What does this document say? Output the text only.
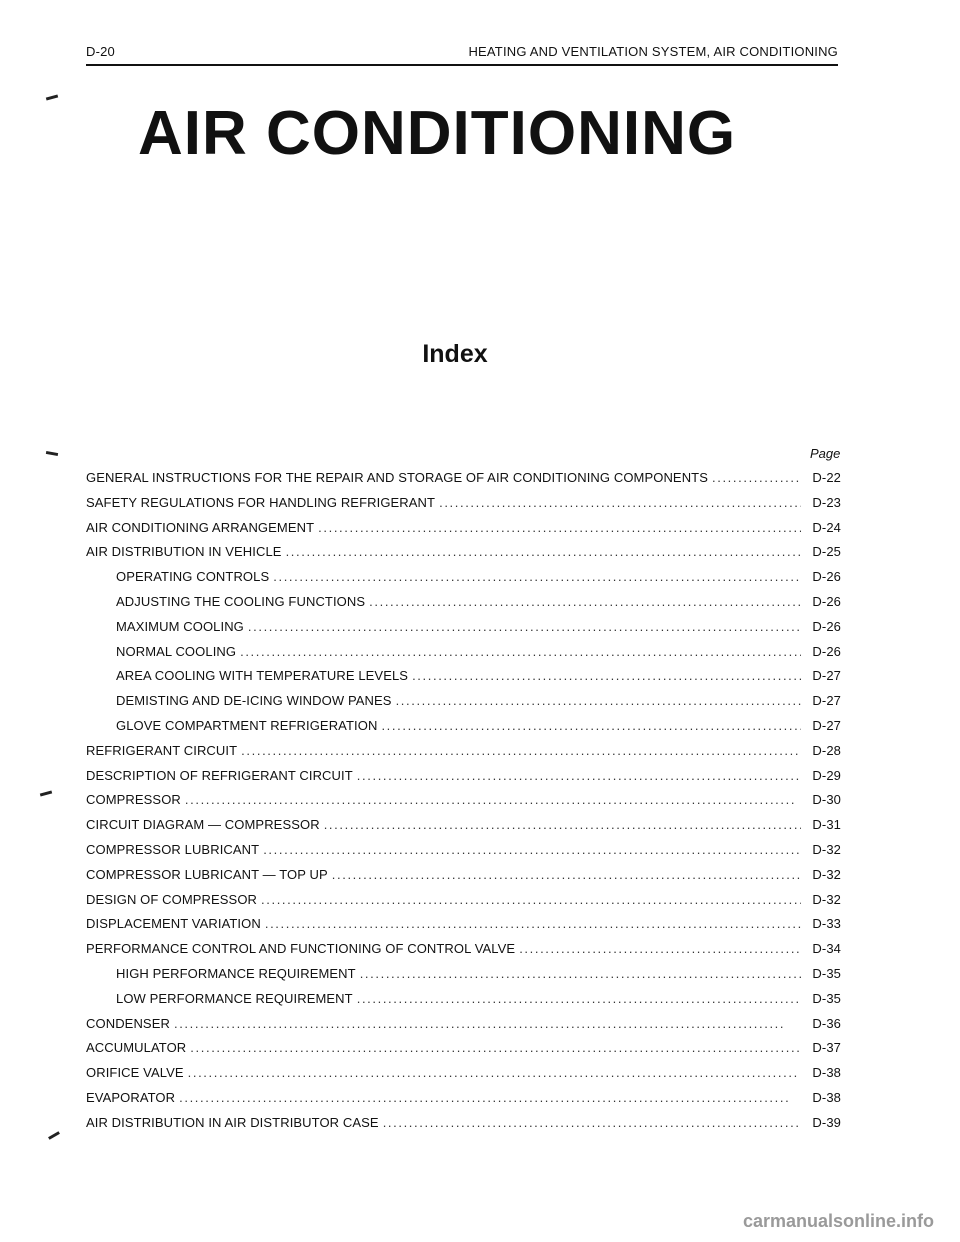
D-20	HEATING AND VENTILATION SYSTEM, AIR CONDITIONING
AIR CONDITIONING
Index
Page
GENERAL INSTRUCTIONS FOR THE REPAIR AND STORAGE OF AIR CONDITIONING COMPONENTS . . .	D-22
SAFETY REGULATIONS FOR HANDLING REFRIGERANT . . .	D-23
AIR CONDITIONING ARRANGEMENT . . .	D-24
AIR DISTRIBUTION IN VEHICLE . . .	D-25
OPERATING CONTROLS . . .	D-26
ADJUSTING THE COOLING FUNCTIONS . . .	D-26
MAXIMUM COOLING . . .	D-26
NORMAL COOLING . . .	D-26
AREA COOLING WITH TEMPERATURE LEVELS . . .	D-27
DEMISTING AND DE-ICING WINDOW PANES . . .	D-27
GLOVE COMPARTMENT REFRIGERATION . . .	D-27
REFRIGERANT CIRCUIT . . .	D-28
DESCRIPTION OF REFRIGERANT CIRCUIT . . .	D-29
COMPRESSOR . . .	D-30
CIRCUIT DIAGRAM — COMPRESSOR . . .	D-31
COMPRESSOR LUBRICANT . . .	D-32
COMPRESSOR LUBRICANT — TOP UP . . .	D-32
DESIGN OF COMPRESSOR . . .	D-32
DISPLACEMENT VARIATION . . .	D-33
PERFORMANCE CONTROL AND FUNCTIONING OF CONTROL VALVE . . .	D-34
HIGH PERFORMANCE REQUIREMENT . . .	D-35
LOW PERFORMANCE REQUIREMENT . . .	D-35
CONDENSER . . .	D-36
ACCUMULATOR . . .	D-37
ORIFICE VALVE . . .	D-38
EVAPORATOR . . .	D-38
AIR DISTRIBUTION IN AIR DISTRIBUTOR CASE . . .	D-39
carmanualsonline.info
